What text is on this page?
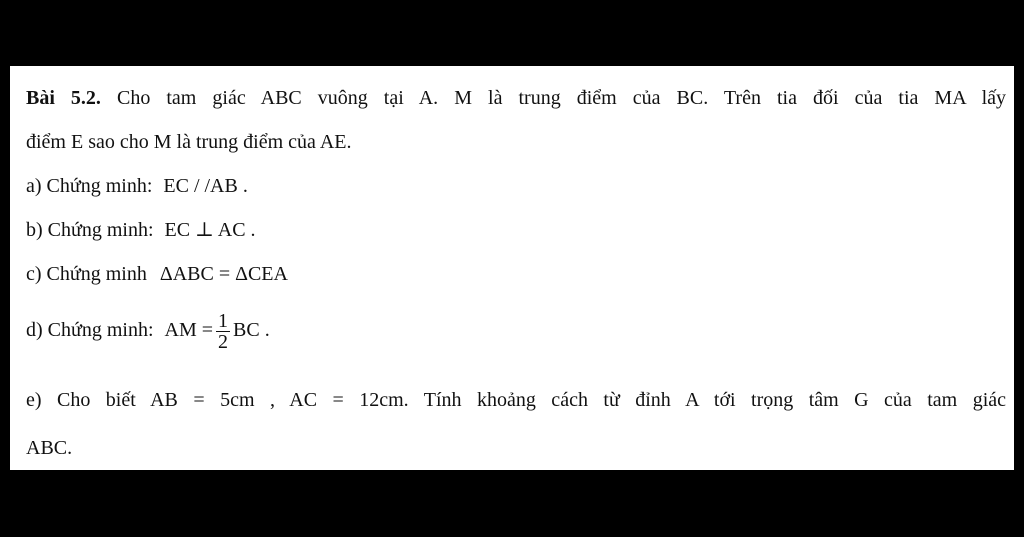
Bài 5.2. Cho tam giác ABC vuông tại A. M là trung điểm của BC. Trên tia đối của tia MA lấy
điểm E sao cho M là trung điểm của AE.
a) Chứng minh: EC / /AB .
b) Chứng minh: EC ⊥ AC .
c) Chứng minh ΔABC = ΔCEA
d) Chứng minh: AM = $\frac{1}{2}$ BC .
e) Cho biết AB = 5cm , AC = 12cm. Tính khoảng cách từ đỉnh A tới trọng tâm G của tam giác
ABC.
